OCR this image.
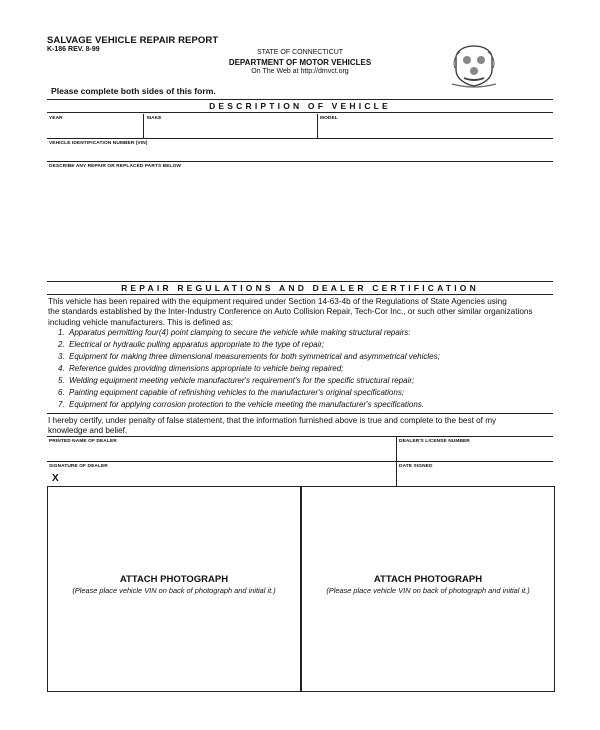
SALVAGE VEHICLE REPAIR REPORT
K-186 REV. 8-99	STATE OF CONNECTICUT
DEPARTMENT OF MOTOR VEHICLES
On The Web at http://dmvct.org
Please complete both sides of this form.
DESCRIPTION OF VEHICLE
YEAR	MAKE	MODEL
VEHICLE IDENTIFICATION NUMBER (VIN)
DESCRIBE ANY REPAIR OR REPLACED PARTS BELOW
REPAIR REGULATIONS AND DEALER CERTIFICATION
This vehicle has been repaired with the equipment required under Section 14-63-4b of the Regulations of State Agencies using
the standards established by the Inter-Industry Conference on Auto Collision Repair, Tech-Cor Inc., or such other similar organizations
including vehicle manufacturers. This is defined as:
1. Apparatus permitting four(4) point clamping to secure the vehicle while making structural repairs:
2. Electrical or hydraulic pulling apparatus appropriate to the type of repair;
3. Equipment for making three dimensional measurements for both symmetrical and asymmetrical vehicles;
4. Reference guides providing dimensions appropriate to vehicle being repaired;
5. Welding equipment meeting vehicle manufacturer's requirement's for the specific structural repair;
6. Painting equipment capable of refinishing vehicles to the manufacturer's original specifications;
7. Equipment for applying corrosion protection to the vehicle meeting the manufacturer's specifications.
I hereby certify, under penalty of false statement, that the information furnished above is true and complete to the best of my
knowledge and belief.
PRINTED NAME OF DEALER	DEALER'S LICENSE NUMBER
SIGNATURE OF DEALER	DATE SIGNED
X
ATTACH PHOTOGRAPH
(Please place vehicle VIN on back of photograph and initial it.)
ATTACH PHOTOGRAPH
(Please place vehicle VIN on back of photograph and initial it.)
